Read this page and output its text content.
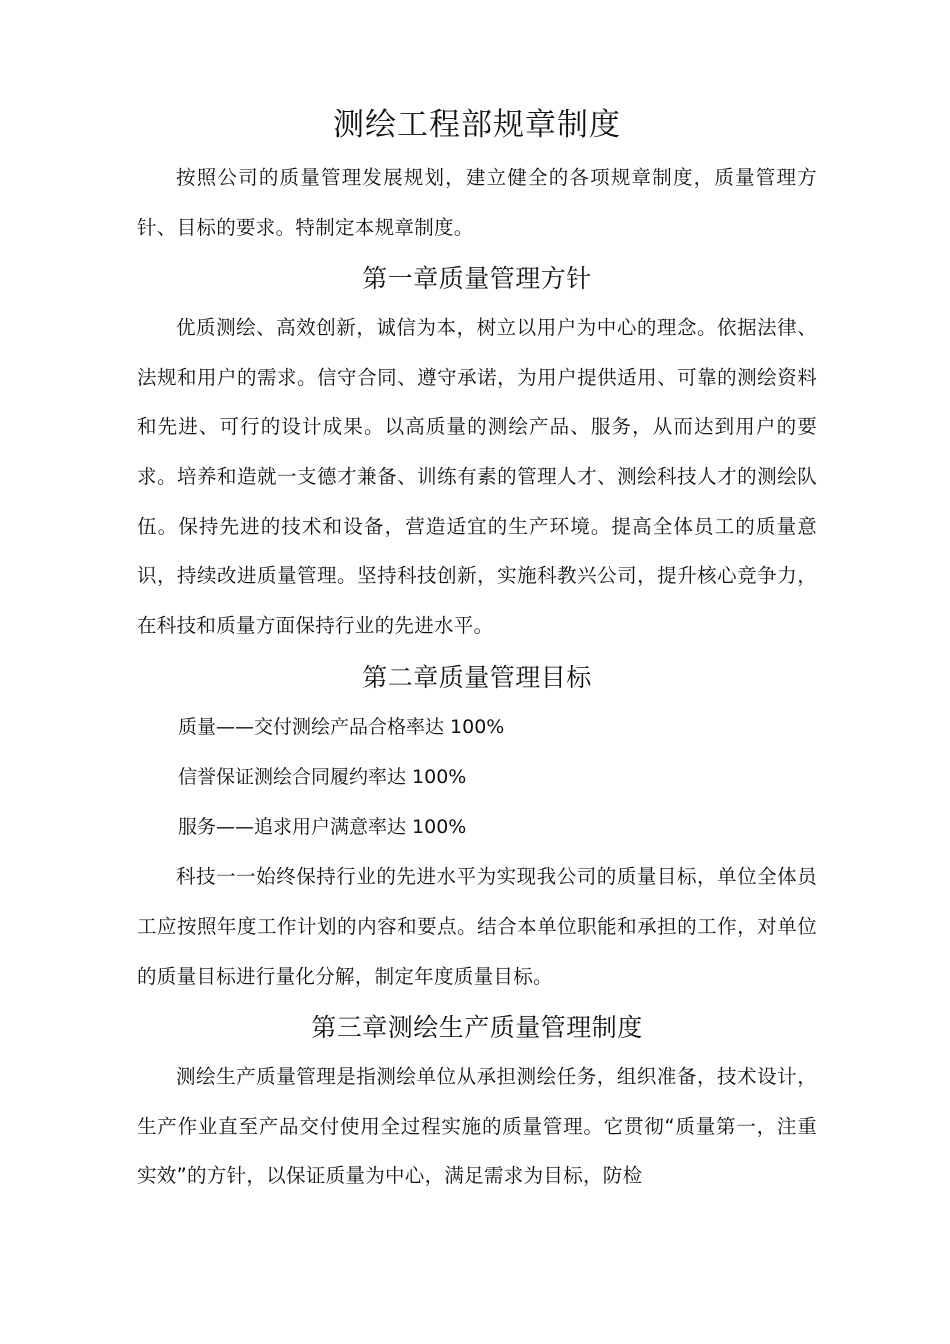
测绘工程部规章制度

按照公司的质量管理发展规划，建立健全的各项规章制度，质量管理方针、目标的要求。特制定本规章制度。

第一章质量管理方针

优质测绘、高效创新，诚信为本，树立以用户为中心的理念。依据法律、法规和用户的需求。信守合同、遵守承诺，为用户提供适用、可靠的测绘资料和先进、可行的设计成果。以高质量的测绘产品、服务，从而达到用户的要求。培养和造就一支德才兼备、训练有素的管理人才、测绘科技人才的测绘队伍。保持先进的技术和设备，营造适宜的生产环境。提高全体员工的质量意识，持续改进质量管理。坚持科技创新，实施科教兴公司，提升核心竞争力，在科技和质量方面保持行业的先进水平。

第二章质量管理目标

质量——交付测绘产品合格率达 100%

信誉保证测绘合同履约率达 100%

服务——追求用户满意率达 100%

科技一一始终保持行业的先进水平为实现我公司的质量目标，单位全体员工应按照年度工作计划的内容和要点。结合本单位职能和承担的工作，对单位的质量目标进行量化分解，制定年度质量目标。

第三章测绘生产质量管理制度

测绘生产质量管理是指测绘单位从承担测绘任务，组织准备，技术设计，生产作业直至产品交付使用全过程实施的质量管理。它贯彻“质量第一，注重实效”的方针，以保证质量为中心，满足需求为目标，防检
